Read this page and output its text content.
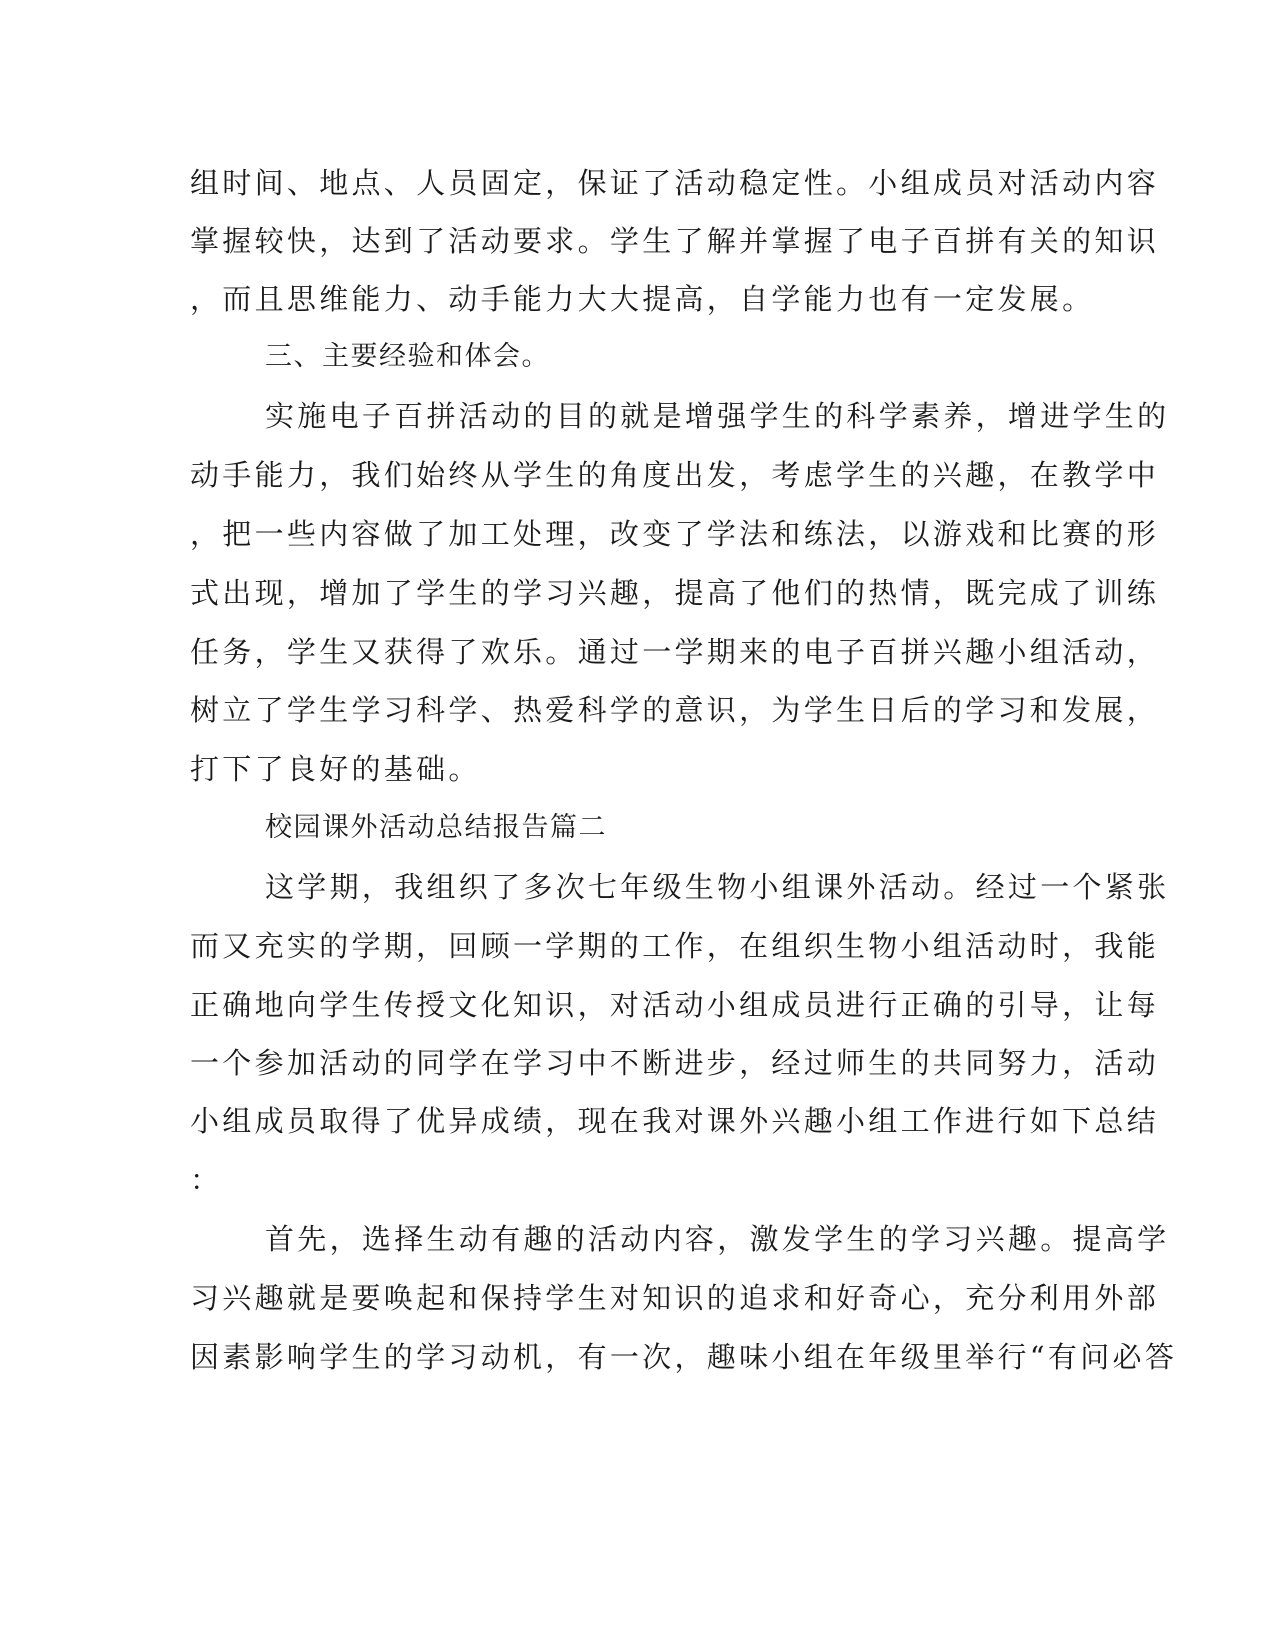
组时间、地点、人员固定，保证了活动稳定性。小组成员对活动内容
掌握较快，达到了活动要求。学生了解并掌握了电子百拼有关的知识
，而且思维能力、动手能力大大提高，自学能力也有一定发展。
三、主要经验和体会。
实施电子百拼活动的目的就是增强学生的科学素养，增进学生的
动手能力，我们始终从学生的角度出发，考虑学生的兴趣，在教学中
，把一些内容做了加工处理，改变了学法和练法，以游戏和比赛的形
式出现，增加了学生的学习兴趣，提高了他们的热情，既完成了训练
任务，学生又获得了欢乐。通过一学期来的电子百拼兴趣小组活动，
树立了学生学习科学、热爱科学的意识，为学生日后的学习和发展，
打下了良好的基础。
校园课外活动总结报告篇二
这学期，我组织了多次七年级生物小组课外活动。经过一个紧张
而又充实的学期，回顾一学期的工作，在组织生物小组活动时，我能
正确地向学生传授文化知识，对活动小组成员进行正确的引导，让每
一个参加活动的同学在学习中不断进步，经过师生的共同努力，活动
小组成员取得了优异成绩，现在我对课外兴趣小组工作进行如下总结
：
首先，选择生动有趣的活动内容，激发学生的学习兴趣。提高学
习兴趣就是要唤起和保持学生对知识的追求和好奇心，充分利用外部
因素影响学生的学习动机，有一次，趣味小组在年级里举行“有问必答
